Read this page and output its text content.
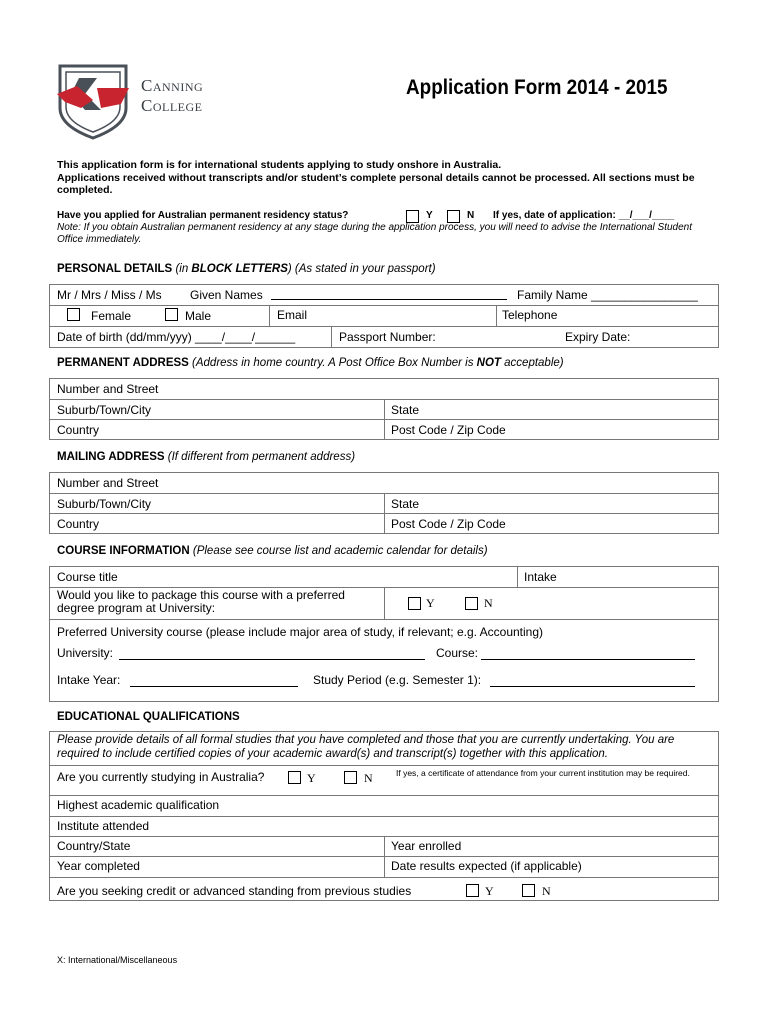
Canning
College
Application Form 2014 - 2015
This application form is for international students applying to study onshore in Australia.
Applications received without transcripts and/or student’s complete personal details cannot be processed. All sections must be completed.
Have you applied for Australian permanent residency status?	Y	N If yes, date of application: __/___/____
Note: If you obtain Australian permanent residency at any stage during the application process, you will need to advise the International Student Office immediately.
PERSONAL DETAILS (in BLOCK LETTERS) (As stated in your passport)
Mr / Mrs / Miss / Ms Given Names	Family Name ________________
Female	Male	Email	Telephone
Date of birth (dd/mm/yyy) ____/____/______	Passport Number:	Expiry Date:
PERMANENT ADDRESS (Address in home country. A Post Office Box Number is NOT acceptable)
Number and Street
Suburb/Town/City	State
Country	Post Code / Zip Code
MAILING ADDRESS (If different from permanent address)
Number and Street
Suburb/Town/City	State
Country	Post Code / Zip Code
COURSE INFORMATION (Please see course list and academic calendar for details)
Course title	Intake
Would you like to package this course with a preferred
degree program at University:	Y	N
Preferred University course (please include major area of study, if relevant; e.g. Accounting)
University:	Course:
Intake Year:	Study Period (e.g. Semester 1):
EDUCATIONAL QUALIFICATIONS
Please provide details of all formal studies that you have completed and those that you are currently undertaking. You are required to include certified copies of your academic award(s) and transcript(s) together with this application.
Are you currently studying in Australia?	Y	N	If yes, a certificate of attendance from your current institution may be required.
Highest academic qualification
Institute attended
Country/State	Year enrolled
Year completed	Date results expected (if applicable)
Are you seeking credit or advanced standing from previous studies	Y	N
X: International/Miscellaneous
